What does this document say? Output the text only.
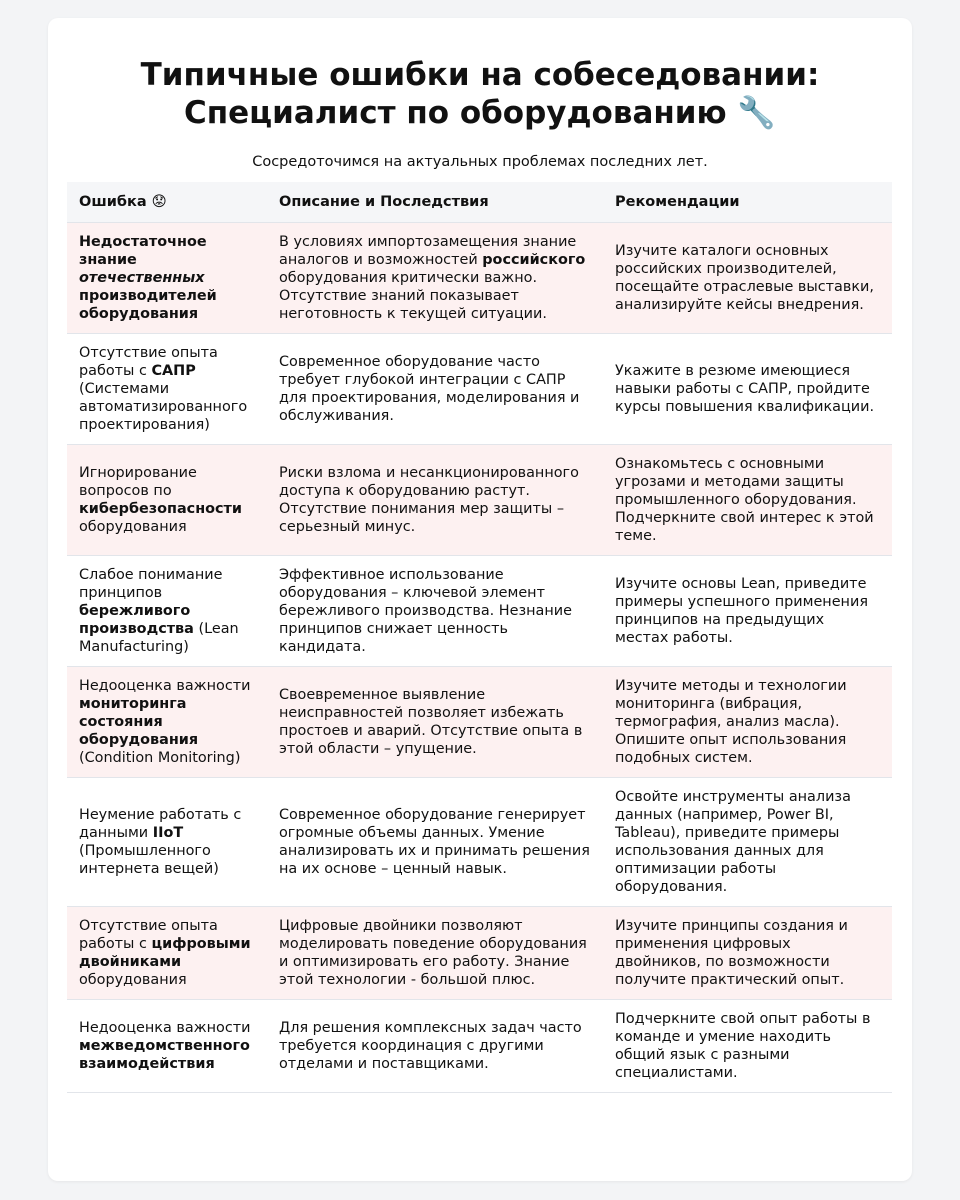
Типичные ошибки на собеседовании:
Специалист по оборудованию 🔧
Сосредоточимся на актуальных проблемах последних лет.
Ошибка 😟	Описание и Последствия	Рекомендации
Недостаточное знание отечественных производителей оборудования	В условиях импортозамещения знание аналогов и возможностей российского оборудования критически важно. Отсутствие знаний показывает неготовность к текущей ситуации.	Изучите каталоги основных российских производителей, посещайте отраслевые выставки, анализируйте кейсы внедрения.
Отсутствие опыта работы с САПР (Системами автоматизированного проектирования)	Современное оборудование часто требует глубокой интеграции с САПР для проектирования, моделирования и обслуживания.	Укажите в резюме имеющиеся навыки работы с САПР, пройдите курсы повышения квалификации.
Игнорирование вопросов по кибербезопасности оборудования	Риски взлома и несанкционированного доступа к оборудованию растут. Отсутствие понимания мер защиты – серьезный минус.	Ознакомьтесь с основными угрозами и методами защиты промышленного оборудования. Подчеркните свой интерес к этой теме.
Слабое понимание принципов бережливого производства (Lean Manufacturing)	Эффективное использование оборудования – ключевой элемент бережливого производства. Незнание принципов снижает ценность кандидата.	Изучите основы Lean, приведите примеры успешного применения принципов на предыдущих местах работы.
Недооценка важности мониторинга состояния оборудования (Condition Monitoring)	Своевременное выявление неисправностей позволяет избежать простоев и аварий. Отсутствие опыта в этой области – упущение.	Изучите методы и технологии мониторинга (вибрация, термография, анализ масла). Опишите опыт использования подобных систем.
Неумение работать с данными IIoT (Промышленного интернета вещей)	Современное оборудование генерирует огромные объемы данных. Умение анализировать их и принимать решения на их основе – ценный навык.	Освойте инструменты анализа данных (например, Power BI, Tableau), приведите примеры использования данных для оптимизации работы оборудования.
Отсутствие опыта работы с цифровыми двойниками оборудования	Цифровые двойники позволяют моделировать поведение оборудования и оптимизировать его работу. Знание этой технологии - большой плюс.	Изучите принципы создания и применения цифровых двойников, по возможности получите практический опыт.
Недооценка важности межведомственного взаимодействия	Для решения комплексных задач часто требуется координация с другими отделами и поставщиками.	Подчеркните свой опыт работы в команде и умение находить общий язык с разными специалистами.
